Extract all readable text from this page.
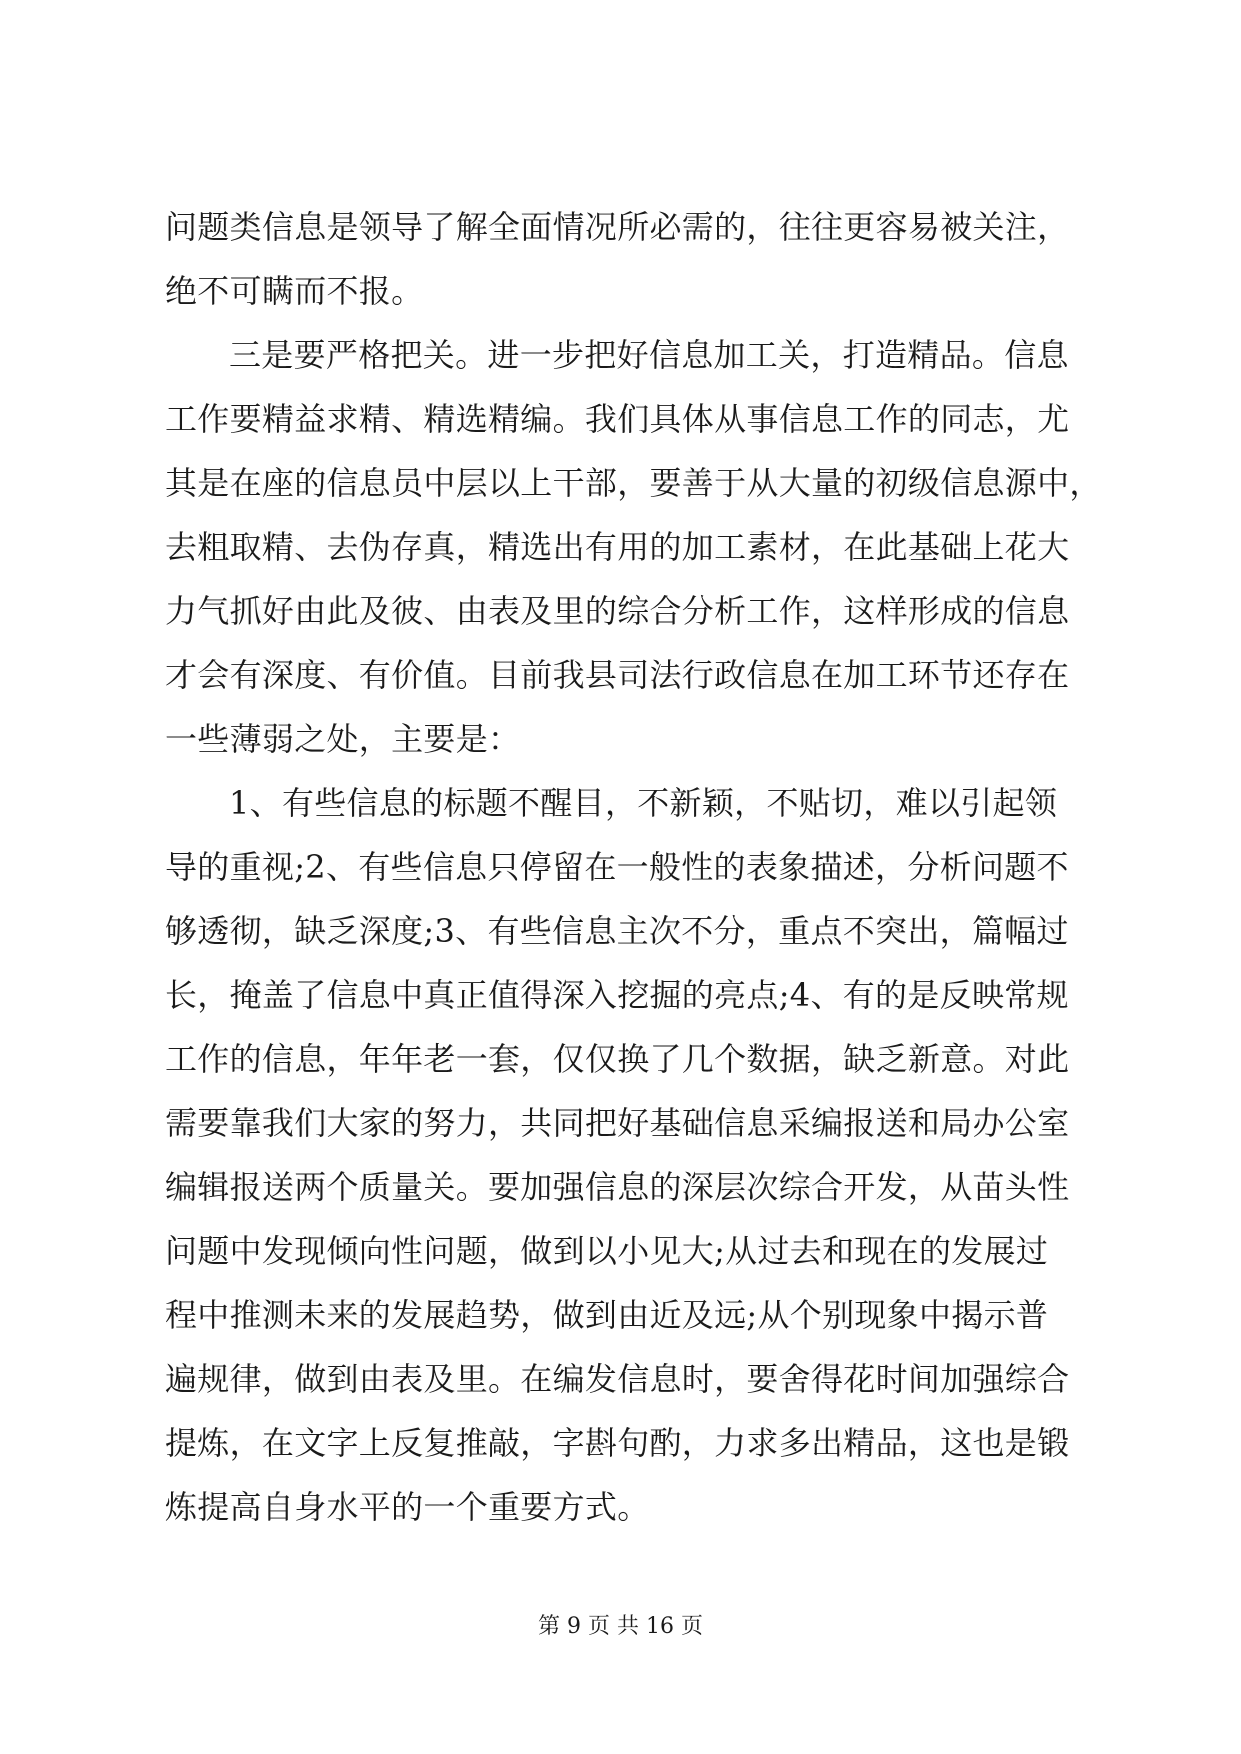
问题类信息是领导了解全面情况所必需的，往往更容易被关注，
绝不可瞒而不报。
三是要严格把关。进一步把好信息加工关，打造精品。信息
工作要精益求精、精选精编。我们具体从事信息工作的同志，尤
其是在座的信息员中层以上干部，要善于从大量的初级信息源中，
去粗取精、去伪存真，精选出有用的加工素材，在此基础上花大
力气抓好由此及彼、由表及里的综合分析工作，这样形成的信息
才会有深度、有价值。目前我县司法行政信息在加工环节还存在
一些薄弱之处，主要是：
1、有些信息的标题不醒目，不新颖，不贴切，难以引起领
导的重视;2、有些信息只停留在一般性的表象描述，分析问题不
够透彻，缺乏深度;3、有些信息主次不分，重点不突出，篇幅过
长，掩盖了信息中真正值得深入挖掘的亮点;4、有的是反映常规
工作的信息，年年老一套，仅仅换了几个数据，缺乏新意。对此
需要靠我们大家的努力，共同把好基础信息采编报送和局办公室
编辑报送两个质量关。要加强信息的深层次综合开发，从苗头性
问题中发现倾向性问题，做到以小见大;从过去和现在的发展过
程中推测未来的发展趋势，做到由近及远;从个别现象中揭示普
遍规律，做到由表及里。在编发信息时，要舍得花时间加强综合
提炼，在文字上反复推敲，字斟句酌，力求多出精品，这也是锻
炼提高自身水平的一个重要方式。
第 9 页 共 16 页
